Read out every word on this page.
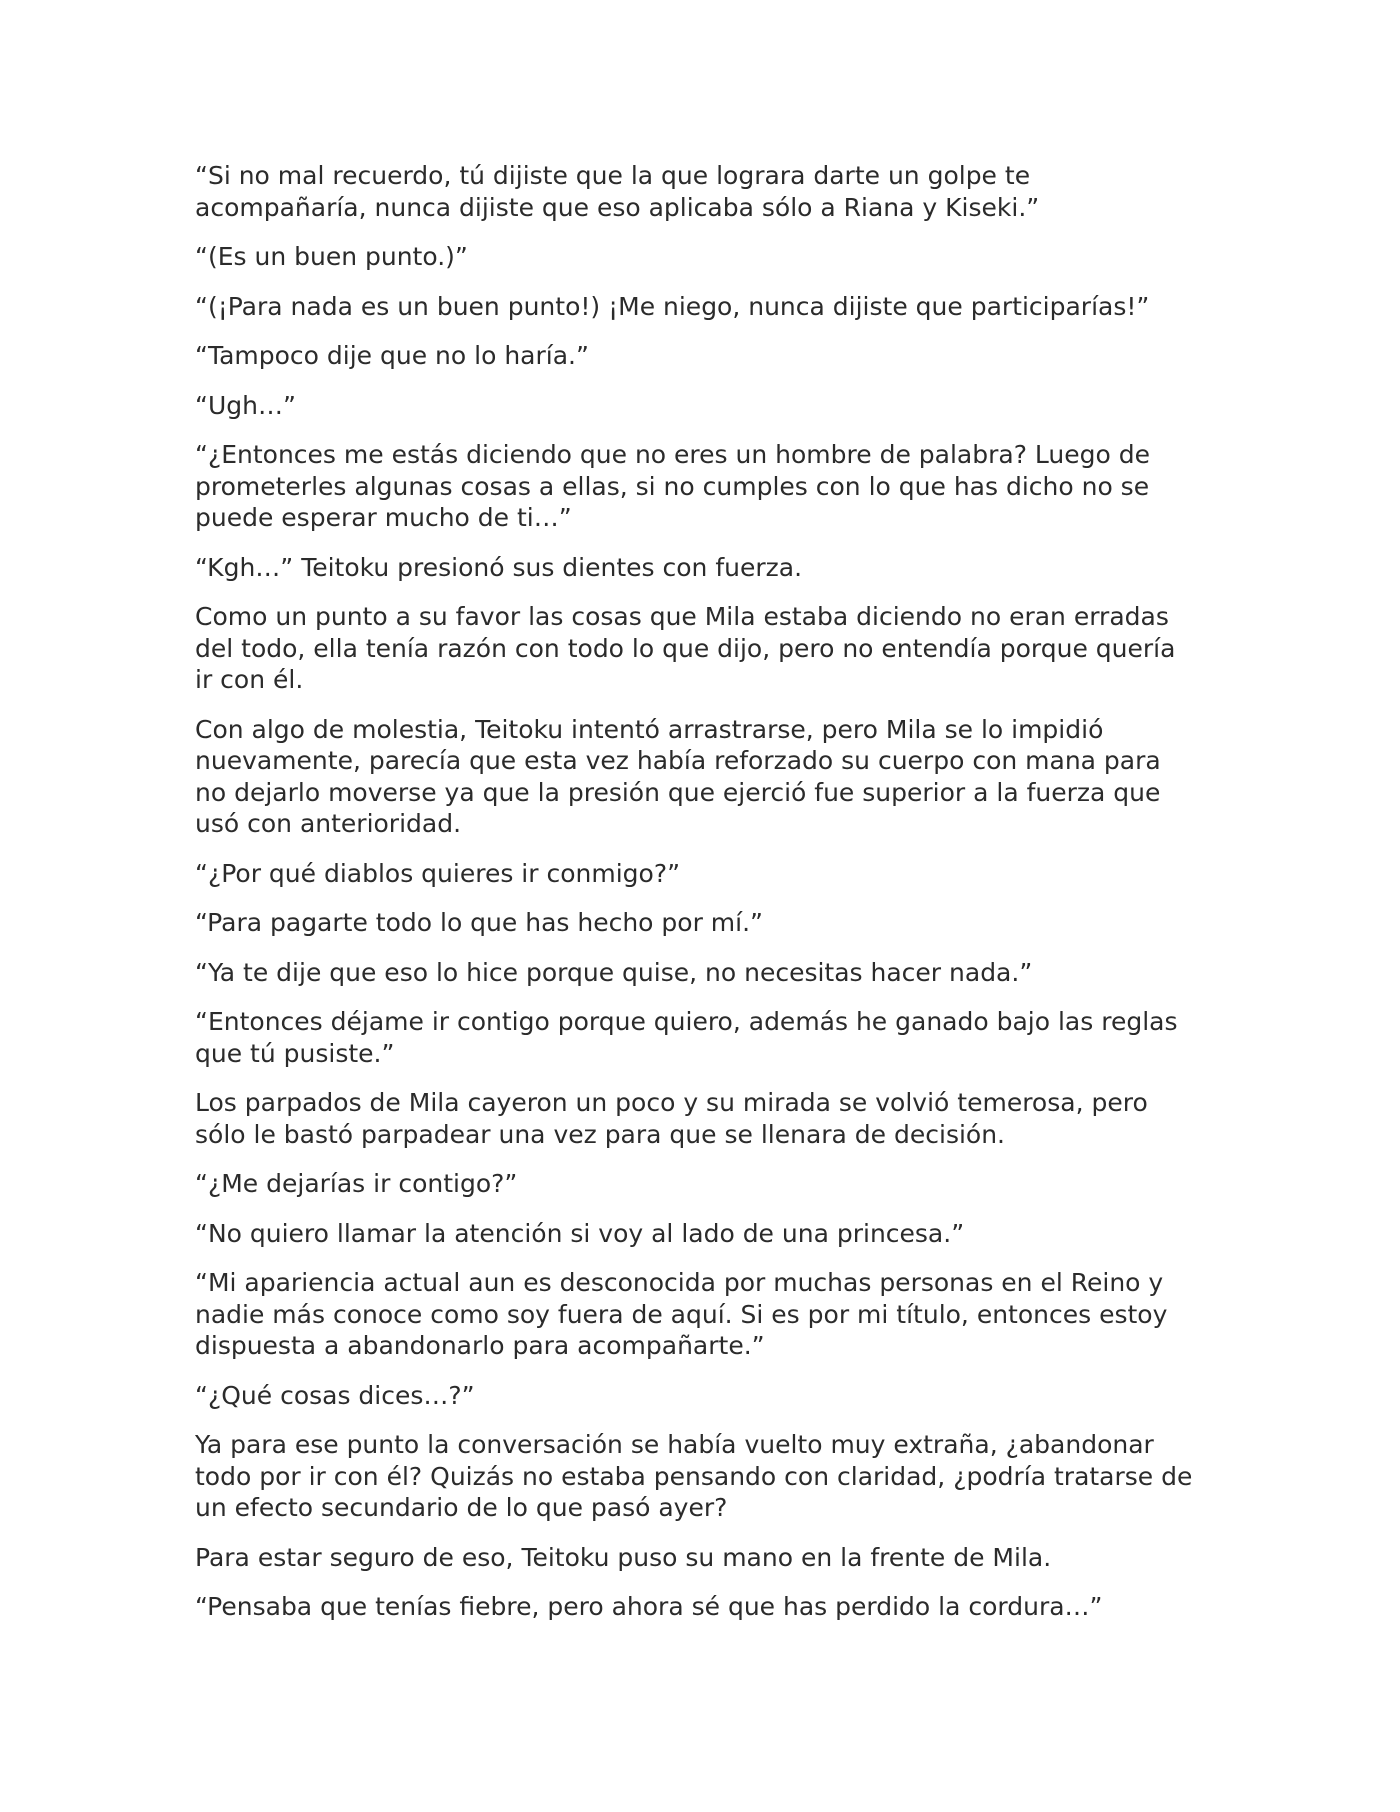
“Si no mal recuerdo, tú dijiste que la que lograra darte un golpe te
acompañaría, nunca dijiste que eso aplicaba sólo a Riana y Kiseki.”

“(Es un buen punto.)”

“(¡Para nada es un buen punto!) ¡Me niego, nunca dijiste que participarías!”

“Tampoco dije que no lo haría.”

“Ugh…”

“¿Entonces me estás diciendo que no eres un hombre de palabra? Luego de
prometerles algunas cosas a ellas, si no cumples con lo que has dicho no se
puede esperar mucho de ti…”

“Kgh…” Teitoku presionó sus dientes con fuerza.

Como un punto a su favor las cosas que Mila estaba diciendo no eran erradas
del todo, ella tenía razón con todo lo que dijo, pero no entendía porque quería
ir con él.

Con algo de molestia, Teitoku intentó arrastrarse, pero Mila se lo impidió
nuevamente, parecía que esta vez había reforzado su cuerpo con mana para
no dejarlo moverse ya que la presión que ejerció fue superior a la fuerza que
usó con anterioridad.

“¿Por qué diablos quieres ir conmigo?”

“Para pagarte todo lo que has hecho por mí.”

“Ya te dije que eso lo hice porque quise, no necesitas hacer nada.”

“Entonces déjame ir contigo porque quiero, además he ganado bajo las reglas
que tú pusiste.”

Los parpados de Mila cayeron un poco y su mirada se volvió temerosa, pero
sólo le bastó parpadear una vez para que se llenara de decisión.

“¿Me dejarías ir contigo?”

“No quiero llamar la atención si voy al lado de una princesa.”

“Mi apariencia actual aun es desconocida por muchas personas en el Reino y
nadie más conoce como soy fuera de aquí. Si es por mi título, entonces estoy
dispuesta a abandonarlo para acompañarte.”

“¿Qué cosas dices…?”

Ya para ese punto la conversación se había vuelto muy extraña, ¿abandonar
todo por ir con él? Quizás no estaba pensando con claridad, ¿podría tratarse de
un efecto secundario de lo que pasó ayer?

Para estar seguro de eso, Teitoku puso su mano en la frente de Mila.

“Pensaba que tenías fiebre, pero ahora sé que has perdido la cordura…”
